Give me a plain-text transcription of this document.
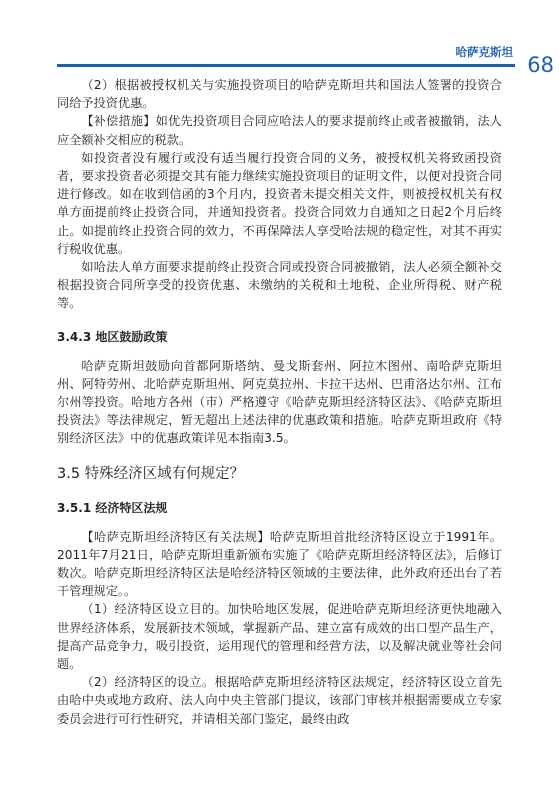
哈萨克斯坦
68

（2）根据被授权机关与实施投资项目的哈萨克斯坦共和国法人签署的投资合同给予投资优惠。

【补偿措施】如优先投资项目合同应哈法人的要求提前终止或者被撤销，法人应全额补交相应的税款。

如投资者没有履行或没有适当履行投资合同的义务，被授权机关将致函投资者，要求投资者必须提交其有能力继续实施投资项目的证明文件，以便对投资合同进行修改。如在收到信函的3个月内，投资者未提交相关文件，则被授权机关有权单方面提前终止投资合同，并通知投资者。投资合同效力自通知之日起2个月后终止。如提前终止投资合同的效力，不再保障法人享受哈法规的稳定性，对其不再实行税收优惠。

如哈法人单方面要求提前终止投资合同或投资合同被撤销，法人必须全额补交根据投资合同所享受的投资优惠、未缴纳的关税和土地税、企业所得税、财产税等。

3.4.3 地区鼓励政策

哈萨克斯坦鼓励向首都阿斯塔纳、曼戈斯套州、阿拉木图州、南哈萨克斯坦州、阿特劳州、北哈萨克斯坦州、阿克莫拉州、卡拉干达州、巴甫洛达尔州、江布尔州等投资。哈地方各州（市）严格遵守《哈萨克斯坦经济特区法》、《哈萨克斯坦投资法》等法律规定，暂无超出上述法律的优惠政策和措施。哈萨克斯坦政府《特别经济区法》中的优惠政策详见本指南3.5。

3.5 特殊经济区域有何规定？
3.5.1 经济特区法规

【哈萨克斯坦经济特区有关法规】哈萨克斯坦首批经济特区设立于1991年。2011年7月21日，哈萨克斯坦重新颁布实施了《哈萨克斯坦经济特区法》，后修订数次。哈萨克斯坦经济特区法是哈经济特区领域的主要法律，此外政府还出台了若干管理规定。。

（1）经济特区设立目的。加快哈地区发展，促进哈萨克斯坦经济更快地融入世界经济体系，发展新技术领域，掌握新产品、建立富有成效的出口型产品生产，提高产品竞争力，吸引投资，运用现代的管理和经营方法，以及解决就业等社会问题。

（2）经济特区的设立。根据哈萨克斯坦经济特区法规定，经济特区设立首先由哈中央或地方政府、法人向中央主管部门提议，该部门审核并根据需要成立专家委员会进行可行性研究，并请相关部门鉴定，最终由政
